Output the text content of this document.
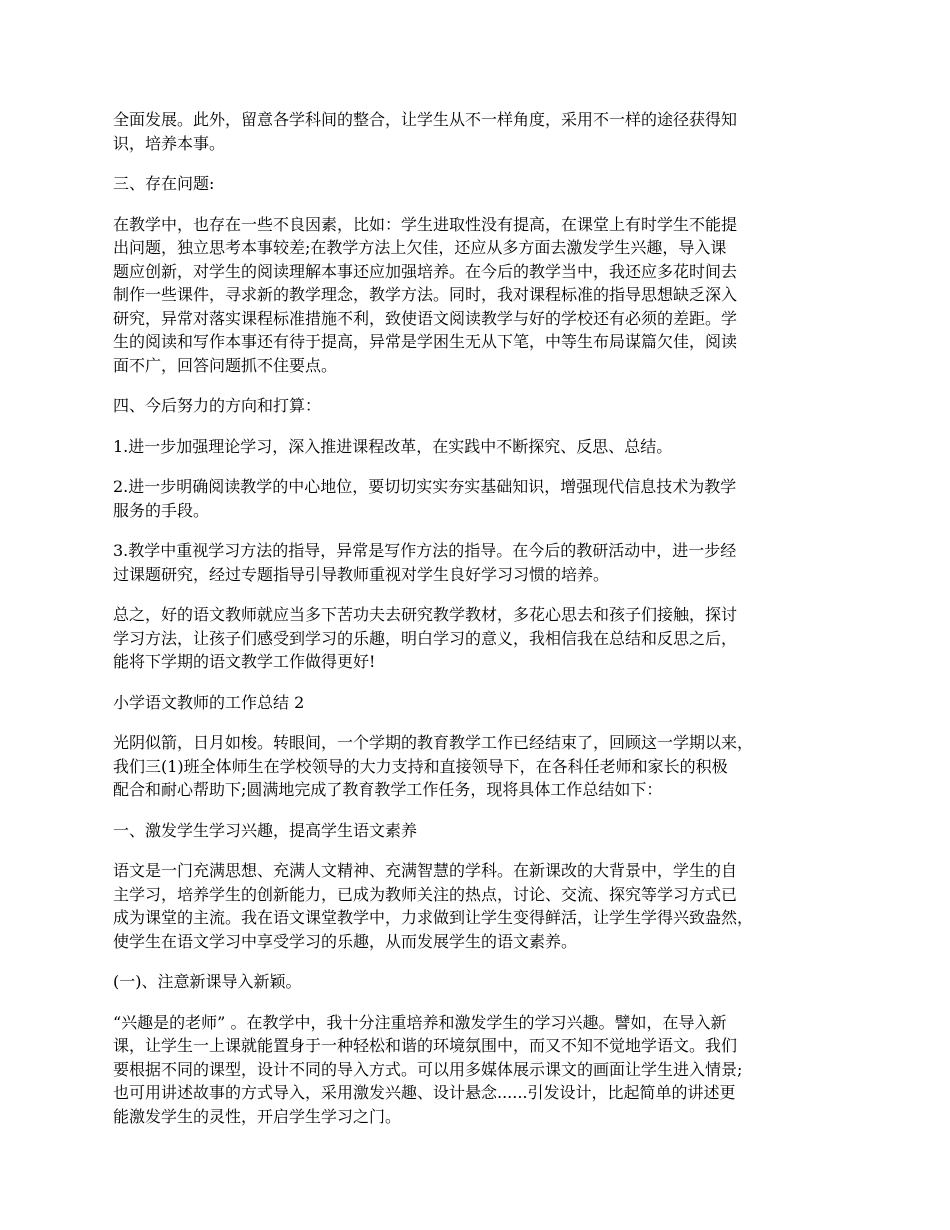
全面发展。此外，留意各学科间的整合，让学生从不一样角度，采用不一样的途径获得知
识，培养本事。

三、存在问题:

在教学中，也存在一些不良因素，比如：学生进取性没有提高，在课堂上有时学生不能提
出问题，独立思考本事较差;在教学方法上欠佳，还应从多方面去激发学生兴趣，导入课
题应创新，对学生的阅读理解本事还应加强培养。在今后的教学当中，我还应多花时间去
制作一些课件，寻求新的教学理念，教学方法。同时，我对课程标准的指导思想缺乏深入
研究，异常对落实课程标准措施不利，致使语文阅读教学与好的学校还有必须的差距。学
生的阅读和写作本事还有待于提高，异常是学困生无从下笔，中等生布局谋篇欠佳，阅读
面不广，回答问题抓不住要点。

四、今后努力的方向和打算：

1.进一步加强理论学习，深入推进课程改革，在实践中不断探究、反思、总结。

2.进一步明确阅读教学的中心地位，要切切实实夯实基础知识，增强现代信息技术为教学
服务的手段。

3.教学中重视学习方法的指导，异常是写作方法的指导。在今后的教研活动中，进一步经
过课题研究，经过专题指导引导教师重视对学生良好学习习惯的培养。

总之，好的语文教师就应当多下苦功夫去研究教学教材，多花心思去和孩子们接触，探讨
学习方法，让孩子们感受到学习的乐趣，明白学习的意义，我相信我在总结和反思之后，
能将下学期的语文教学工作做得更好!

小学语文教师的工作总结 2

光阴似箭，日月如梭。转眼间，一个学期的教育教学工作已经结束了，回顾这一学期以来，
我们三(1)班全体师生在学校领导的大力支持和直接领导下，在各科任老师和家长的积极
配合和耐心帮助下;圆满地完成了教育教学工作任务，现将具体工作总结如下：

一、激发学生学习兴趣，提高学生语文素养

语文是一门充满思想、充满人文精神、充满智慧的学科。在新课改的大背景中，学生的自
主学习，培养学生的创新能力，已成为教师关注的热点，讨论、交流、探究等学习方式已
成为课堂的主流。我在语文课堂教学中，力求做到让学生变得鲜活，让学生学得兴致盎然，
使学生在语文学习中享受学习的乐趣，从而发展学生的语文素养。

(一)、注意新课导入新颖。

“兴趣是的老师” 。在教学中，我十分注重培养和激发学生的学习兴趣。譬如，在导入新
课，让学生一上课就能置身于一种轻松和谐的环境氛围中，而又不知不觉地学语文。我们
要根据不同的课型，设计不同的导入方式。可以用多媒体展示课文的画面让学生进入情景;
也可用讲述故事的方式导入，采用激发兴趣、设计悬念......引发设计，比起简单的讲述更
能激发学生的灵性，开启学生学习之门。
